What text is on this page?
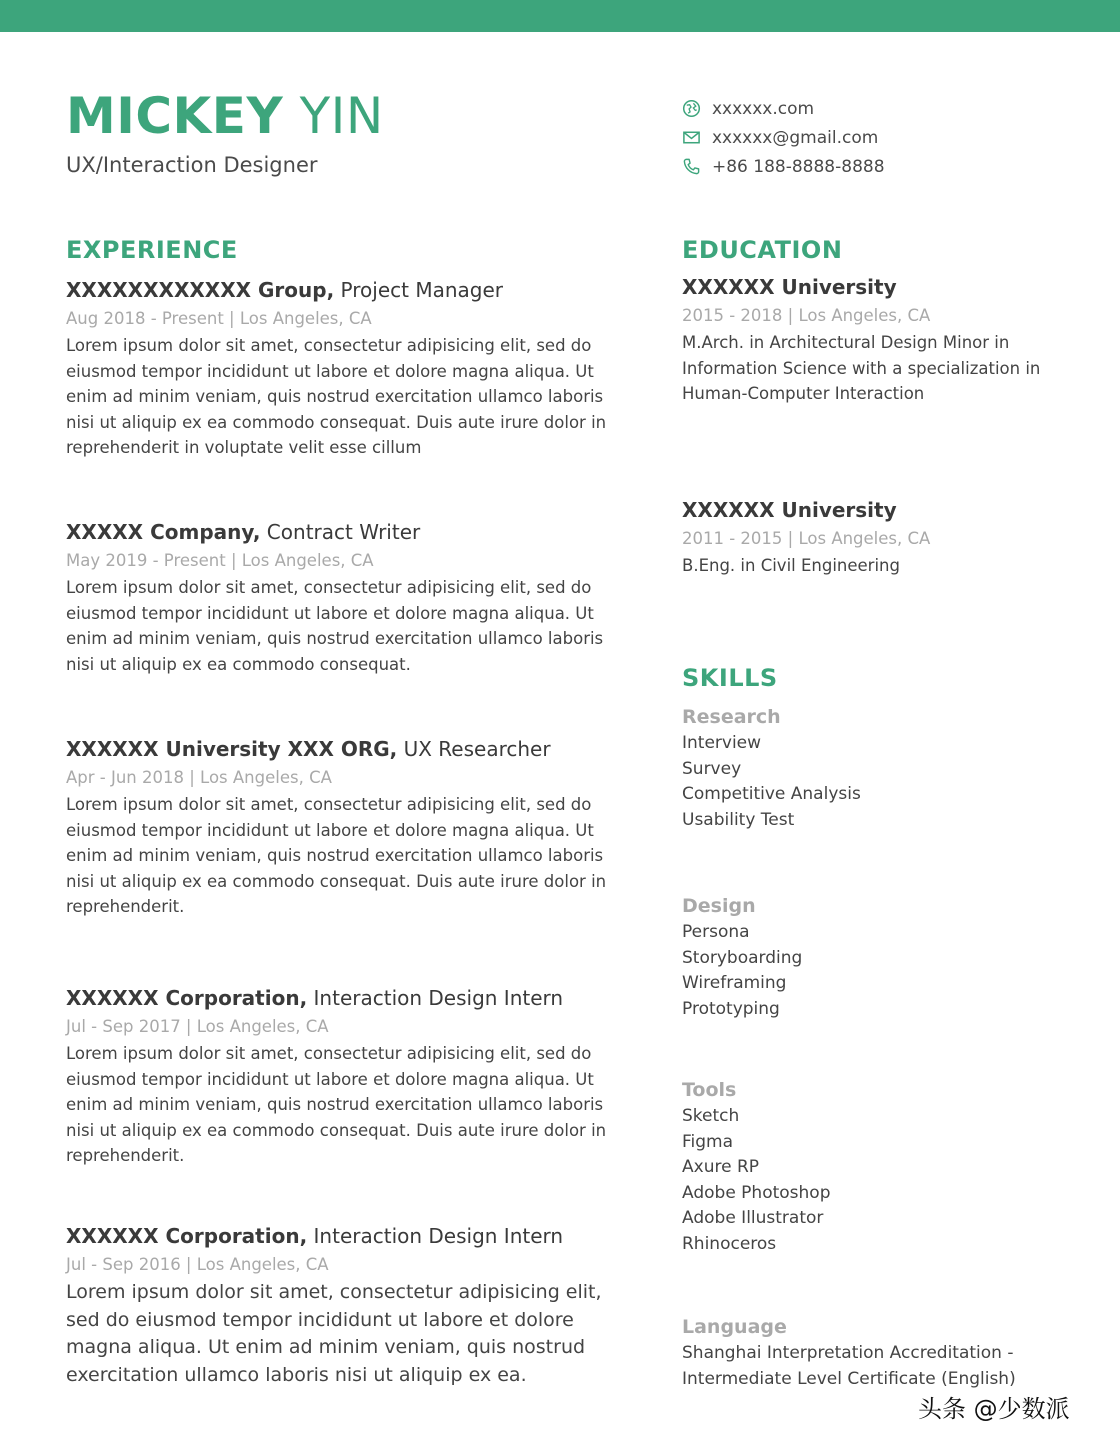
MICKEY YIN
UX/Interaction Designer
xxxxxx.com
xxxxxx@gmail.com
+86 188-8888-8888
EXPERIENCE
XXXXXXXXXXXX Group, Project Manager
Aug 2018 - Present | Los Angeles, CA
Lorem ipsum dolor sit amet, consectetur adipisicing elit, sed do eiusmod tempor incididunt ut labore et dolore magna aliqua. Ut enim ad minim veniam, quis nostrud exercitation ullamco laboris nisi ut aliquip ex ea commodo consequat. Duis aute irure dolor in reprehenderit in voluptate velit esse cillum
XXXXX Company, Contract Writer
May 2019 - Present | Los Angeles, CA
Lorem ipsum dolor sit amet, consectetur adipisicing elit, sed do eiusmod tempor incididunt ut labore et dolore magna aliqua. Ut enim ad minim veniam, quis nostrud exercitation ullamco laboris nisi ut aliquip ex ea commodo consequat.
XXXXXX University XXX ORG, UX Researcher
Apr - Jun 2018 | Los Angeles, CA
Lorem ipsum dolor sit amet, consectetur adipisicing elit, sed do eiusmod tempor incididunt ut labore et dolore magna aliqua. Ut enim ad minim veniam, quis nostrud exercitation ullamco laboris nisi ut aliquip ex ea commodo consequat. Duis aute irure dolor in reprehenderit.
XXXXXX Corporation, Interaction Design Intern
Jul - Sep 2017 | Los Angeles, CA
Lorem ipsum dolor sit amet, consectetur adipisicing elit, sed do eiusmod tempor incididunt ut labore et dolore magna aliqua. Ut enim ad minim veniam, quis nostrud exercitation ullamco laboris nisi ut aliquip ex ea commodo consequat. Duis aute irure dolor in reprehenderit.
XXXXXX Corporation, Interaction Design Intern
Jul - Sep 2016 | Los Angeles, CA
Lorem ipsum dolor sit amet, consectetur adipisicing elit, sed do eiusmod tempor incididunt ut labore et dolore magna aliqua. Ut enim ad minim veniam, quis nostrud exercitation ullamco laboris nisi ut aliquip ex ea.
EDUCATION
XXXXXX University
2015 - 2018 | Los Angeles, CA
M.Arch. in Architectural Design Minor in Information Science with a specialization in Human-Computer Interaction
XXXXXX University
2011 - 2015 | Los Angeles, CA
B.Eng. in Civil Engineering
SKILLS
Research
Interview
Survey
Competitive Analysis
Usability Test
Design
Persona
Storyboarding
Wireframing
Prototyping
Tools
Sketch
Figma
Axure RP
Adobe Photoshop
Adobe Illustrator
Rhinoceros
Language
Shanghai Interpretation Accreditation -
Intermediate Level Certificate (English)
头条 @少数派
